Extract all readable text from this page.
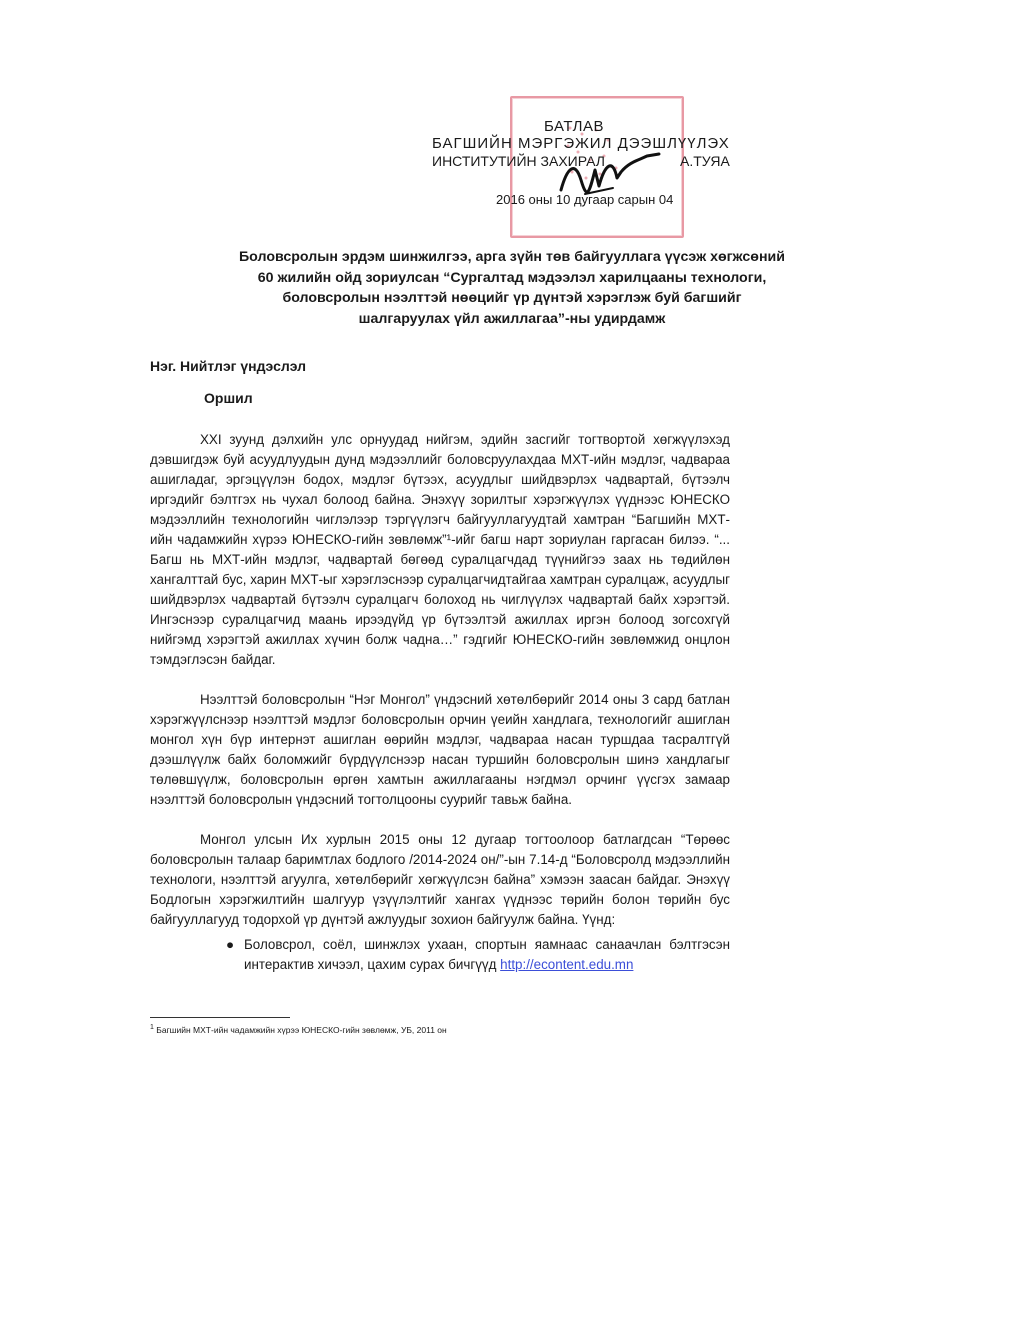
БАТЛАВ
БАГШИЙН МЭРГЭЖИЛ ДЭЭШЛҮҮЛЭХ
ИНСТИТУТИЙН ЗАХИРАЛ	А.ТУЯА
2016 оны 10 дугаар сарын 04
Боловсролын эрдэм шинжилгээ, арга зүйн төв байгууллага үүсэж хөгжсөний
60 жилийн ойд зориулсан “Сургалтад мэдээлэл харилцааны технологи,
боловсролын нээлттэй нөөцийг үр дүнтэй хэрэглэж буй багшийг
шалгаруулах үйл ажиллагаа”-ны удирдамж
Нэг. Нийтлэг үндэслэл
Оршил
XXI зуунд дэлхийн улс орнуудад нийгэм, эдийн засгийг тогтвортой хөгжүүлэхэд дэвшигдэж буй асуудлуудын дунд мэдээллийг боловсруулахдаа МХТ-ийн мэдлэг, чадвараа ашигладаг, эргэцүүлэн бодох, мэдлэг бүтээх, асуудлыг шийдвэрлэх чадвартай, бүтээлч иргэдийг бэлтгэх нь чухал болоод байна. Энэхүү зорилтыг хэрэгжүүлэх үүднээс ЮНЕСКО мэдээллийн технологийн чиглэлээр тэргүүлэгч байгууллагуудтай хамтран “Багшийн МХТ-ийн чадамжийн хүрээ ЮНЕСКО-гийн зөвлөмж”¹-ийг багш нарт зориулан гаргасан билээ. “... Багш нь МХТ-ийн мэдлэг, чадвартай бөгөөд суралцагчдад түүнийгээ заах нь төдийлөн хангалттай бус, харин МХТ-ыг хэрэглэснээр суралцагчидтайгаа хамтран суралцаж, асуудлыг шийдвэрлэх чадвартай бүтээлч суралцагч болоход нь чиглүүлэх чадвартай байх хэрэгтэй. Ингэснээр суралцагчид маань ирээдүйд үр бүтээлтэй ажиллах иргэн болоод зогсохгүй нийгэмд хэрэгтэй ажиллах хүчин болж чадна…” гэдгийг ЮНЕСКО-гийн зөвлөмжид онцлон тэмдэглэсэн байдаг.
Нээлттэй боловсролын “Нэг Монгол” үндэсний хөтөлбөрийг 2014 оны 3 сард батлан хэрэгжүүлснээр нээлттэй мэдлэг боловсролын орчин үеийн хандлага, технологийг ашиглан монгол хүн бүр интернэт ашиглан өөрийн мэдлэг, чадвараа насан туршдаа тасралтгүй дээшлүүлж байх боломжийг бүрдүүлснээр насан туршийн боловсролын шинэ хандлагыг төлөвшүүлж, боловсролын өргөн хамтын ажиллагааны нэгдмэл орчинг үүсгэх замаар нээлттэй боловсролын үндэсний тогтолцооны суурийг тавьж байна.
Монгол улсын Их хурлын 2015 оны 12 дугаар тогтоолоор батлагдсан “Төрөөс боловсролын талаар баримтлах бодлого /2014-2024 он/”-ын 7.14-д “Боловсролд мэдээллийн технологи, нээлттэй агуулга, хөтөлбөрийг хөгжүүлсэн байна” хэмээн заасан байдаг. Энэхүү Бодлогын хэрэгжилтийн шалгуур үзүүлэлтийг хангах үүднээс төрийн болон төрийн бус байгууллагууд тодорхой үр дүнтэй ажлуудыг зохион байгуулж байна. Үүнд:
● Боловсрол, соёл, шинжлэх ухаан, спортын яамнаас санаачлан бэлтгэсэн интерактив хичээл, цахим сурах бичгүүд http://econtent.edu.mn
$^1$ Багшийн МХТ-ийн чадамжийн хүрээ ЮНЕСКО-гийн зөвлөмж, УБ, 2011 он
